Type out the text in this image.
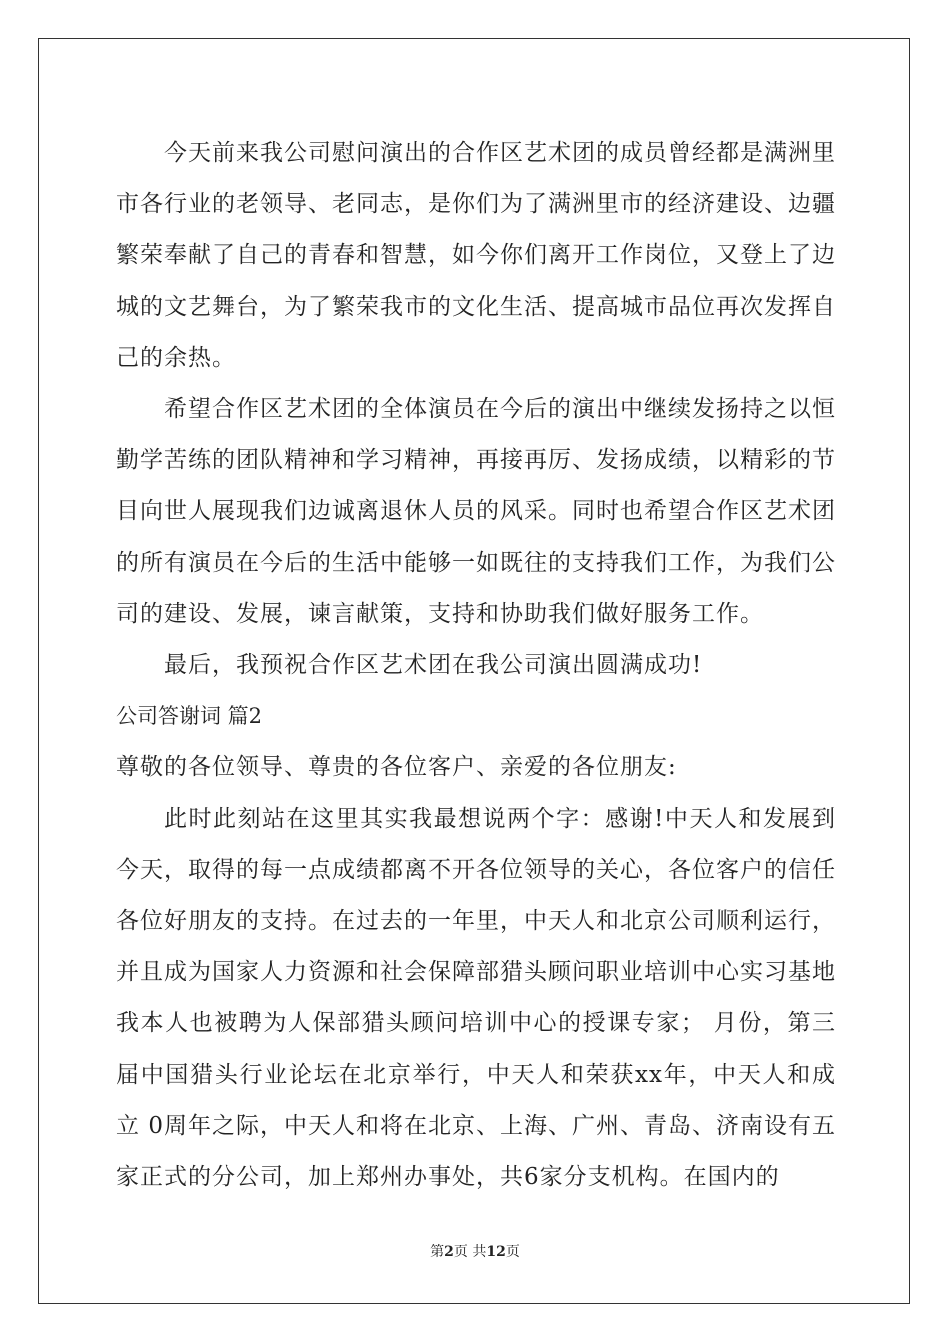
今天前来我公司慰问演出的合作区艺术团的成员曾经都是满洲里市各行业的老领导、老同志，是你们为了满洲里市的经济建设、边疆繁荣奉献了自己的青春和智慧，如今你们离开工作岗位，又登上了边城的文艺舞台，为了繁荣我市的文化生活、提高城市品位再次发挥自己的余热。

希望合作区艺术团的全体演员在今后的演出中继续发扬持之以恒勤学苦练的团队精神和学习精神，再接再厉、发扬成绩，以精彩的节目向世人展现我们边诚离退休人员的风采。同时也希望合作区艺术团的所有演员在今后的生活中能够一如既往的支持我们工作，为我们公司的建设、发展，谏言献策，支持和协助我们做好服务工作。

最后，我预祝合作区艺术团在我公司演出圆满成功!

公司答谢词 篇2

尊敬的各位领导、尊贵的各位客户、亲爱的各位朋友:

此时此刻站在这里其实我最想说两个字：感谢!中天人和发展到今天，取得的每一点成绩都离不开各位领导的关心，各位客户的信任各位好朋友的支持。在过去的一年里，中天人和北京公司顺利运行，并且成为国家人力资源和社会保障部猎头顾问职业培训中心实习基地我本人也被聘为人保部猎头顾问培训中心的授课专家； 月份，第三届中国猎头行业论坛在北京举行，中天人和荣获xx年，中天人和成立 0周年之际，中天人和将在北京、上海、广州、青岛、济南设有五家正式的分公司，加上郑州办事处，共6家分支机构。在国内的

第2页 共12页
